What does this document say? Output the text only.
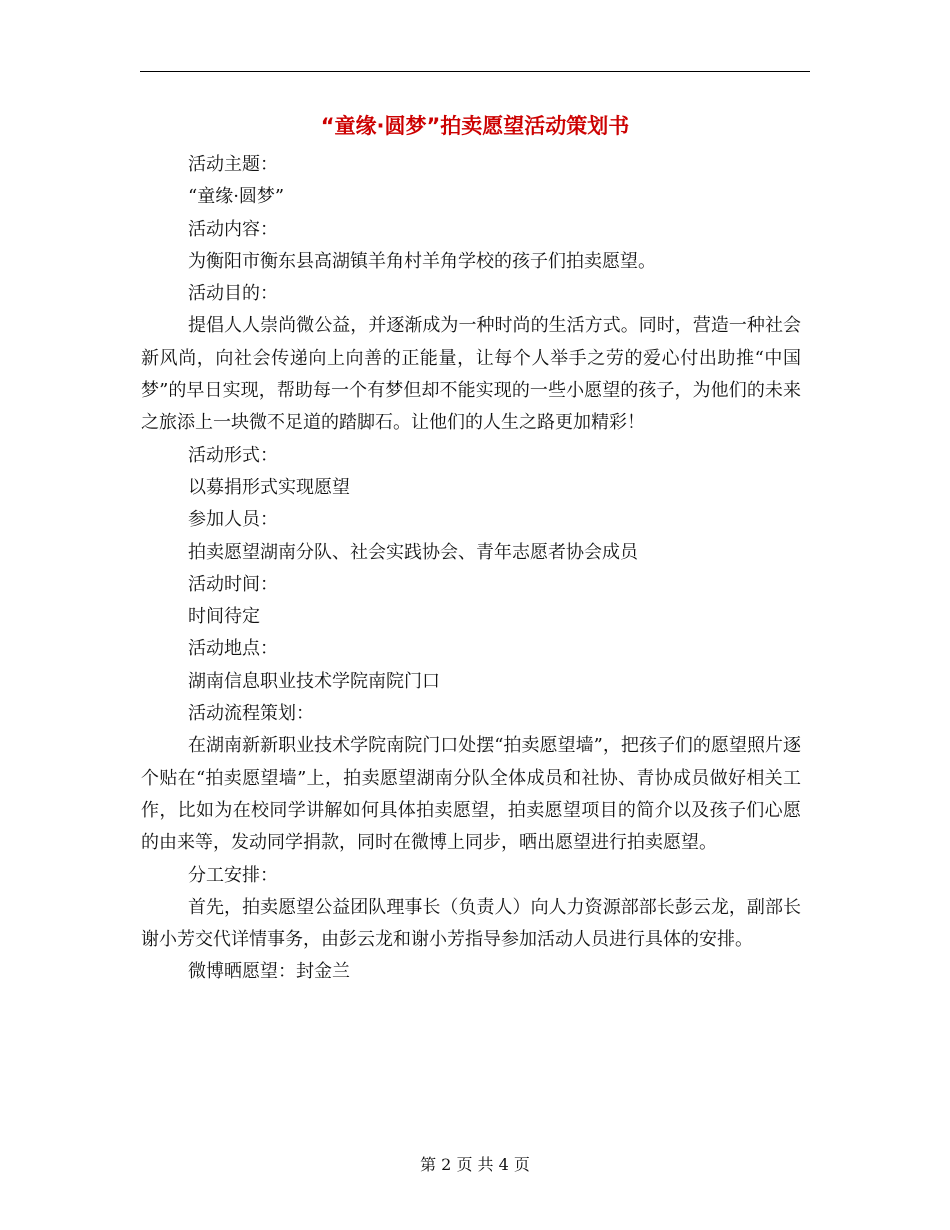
“童缘·圆梦”拍卖愿望活动策划书

活动主题：

“童缘·圆梦”

活动内容：

为衡阳市衡东县高湖镇羊角村羊角学校的孩子们拍卖愿望。

活动目的：

提倡人人崇尚微公益，并逐渐成为一种时尚的生活方式。同时，营造一种社会新风尚，向社会传递向上向善的正能量，让每个人举手之劳的爱心付出助推“中国梦”的早日实现，帮助每一个有梦但却不能实现的一些小愿望的孩子，为他们的未来之旅添上一块微不足道的踏脚石。让他们的人生之路更加精彩！

活动形式：

以募捐形式实现愿望

参加人员：

拍卖愿望湖南分队、社会实践协会、青年志愿者协会成员

活动时间：

时间待定

活动地点：

湖南信息职业技术学院南院门口

活动流程策划：

在湖南新新职业技术学院南院门口处摆“拍卖愿望墙”，把孩子们的愿望照片逐个贴在“拍卖愿望墙”上，拍卖愿望湖南分队全体成员和社协、青协成员做好相关工作，比如为在校同学讲解如何具体拍卖愿望，拍卖愿望项目的简介以及孩子们心愿的由来等，发动同学捐款，同时在微博上同步，晒出愿望进行拍卖愿望。

分工安排：

首先，拍卖愿望公益团队理事长（负责人）向人力资源部部长彭云龙，副部长谢小芳交代详情事务，由彭云龙和谢小芳指导参加活动人员进行具体的安排。

微博晒愿望：封金兰

第 2 页 共 4 页
